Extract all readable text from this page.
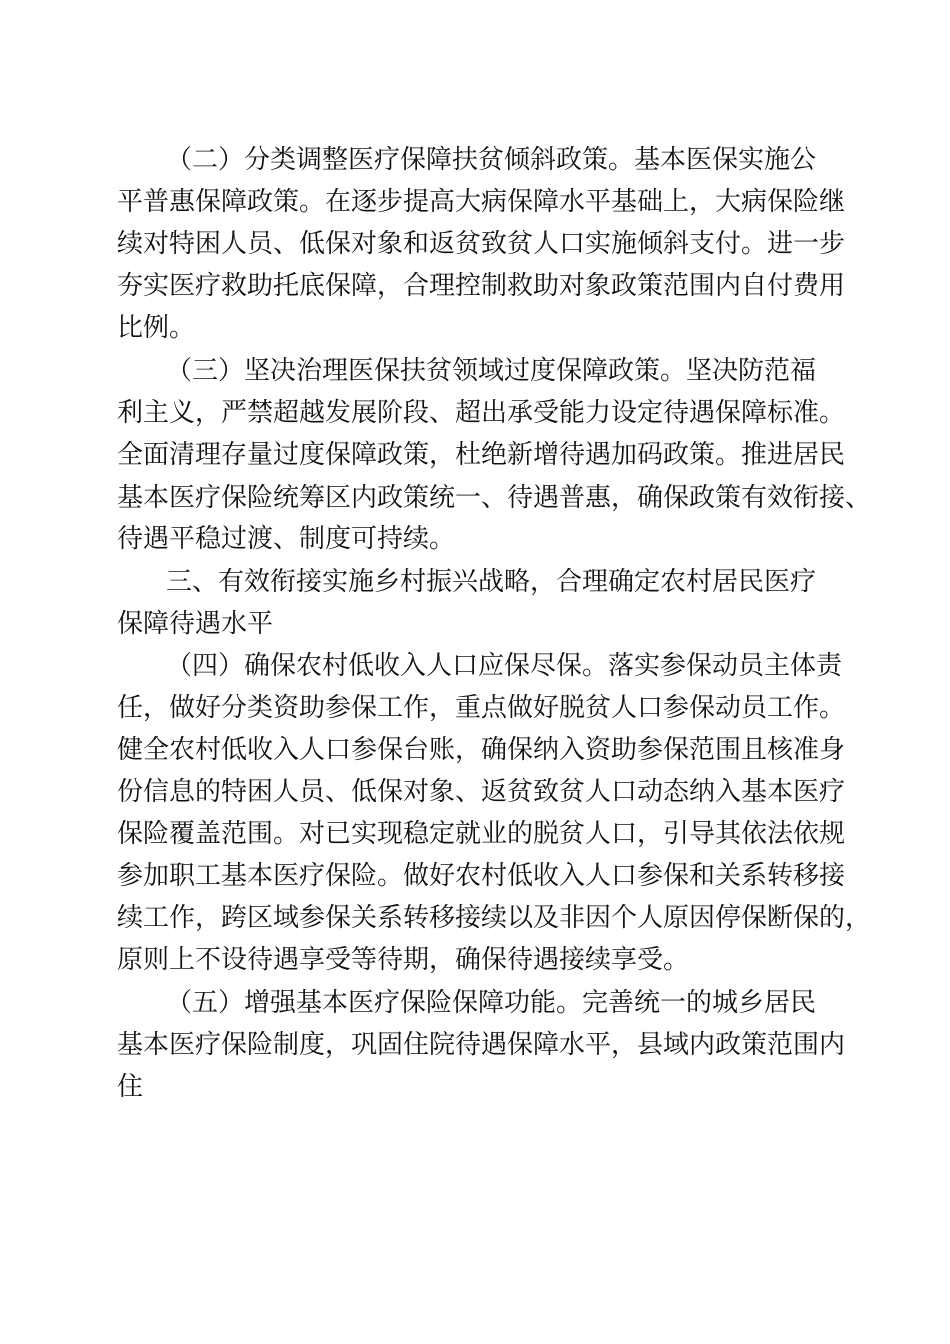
（二）分类调整医疗保障扶贫倾斜政策。基本医保实施公

平普惠保障政策。在逐步提高大病保障水平基础上，大病保险继

续对特困人员、低保对象和返贫致贫人口实施倾斜支付。进一步

夯实医疗救助托底保障，合理控制救助对象政策范围内自付费用

比例。

（三）坚决治理医保扶贫领域过度保障政策。坚决防范福

利主义，严禁超越发展阶段、超出承受能力设定待遇保障标准。

全面清理存量过度保障政策，杜绝新增待遇加码政策。推进居民

基本医疗保险统筹区内政策统一、待遇普惠，确保政策有效衔接、

待遇平稳过渡、制度可持续。

三、有效衔接实施乡村振兴战略，合理确定农村居民医疗

保障待遇水平

（四）确保农村低收入人口应保尽保。落实参保动员主体责

任，做好分类资助参保工作，重点做好脱贫人口参保动员工作。

健全农村低收入人口参保台账，确保纳入资助参保范围且核准身

份信息的特困人员、低保对象、返贫致贫人口动态纳入基本医疗

保险覆盖范围。对已实现稳定就业的脱贫人口，引导其依法依规

参加职工基本医疗保险。做好农村低收入人口参保和关系转移接

续工作，跨区域参保关系转移接续以及非因个人原因停保断保的，

原则上不设待遇享受等待期，确保待遇接续享受。

（五）增强基本医疗保险保障功能。完善统一的城乡居民

基本医疗保险制度，巩固住院待遇保障水平，县域内政策范围内

住
